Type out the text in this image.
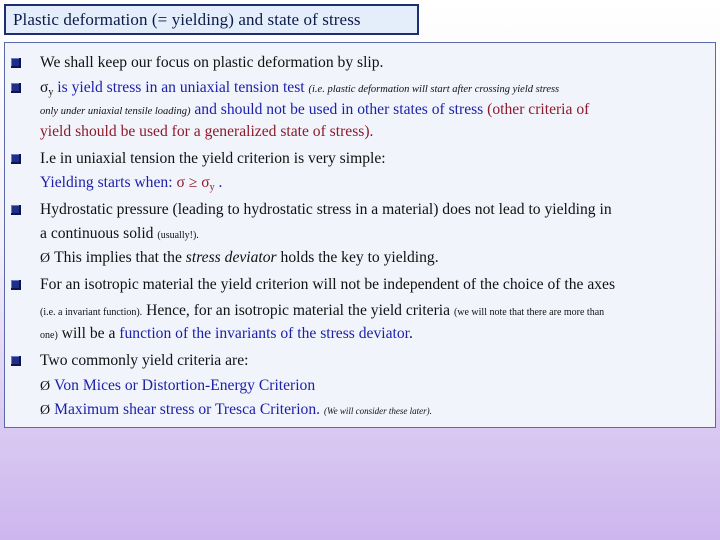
Plastic deformation (= yielding) and state of stress
We shall keep our focus on plastic deformation by slip.
$\sigma_y$ is yield stress in an uniaxial tension test (i.e. plastic deformation will start after crossing yield stress
only under uniaxial tensile loading) and should not be used in other states of stress (other criteria of
yield should be used for a generalized state of stress).
I.e in uniaxial tension the yield criterion is very simple:
Yielding starts when: $\sigma \ge \sigma_y$ .
Hydrostatic pressure (leading to hydrostatic stress in a material) does not lead to yielding in
a continuous solid (usually!).
Ø This implies that the stress deviator holds the key to yielding.
For an isotropic material the yield criterion will not be independent of the choice of the axes
(i.e. a invariant function). Hence, for an isotropic material the yield criteria (we will note that there are more than
one) will be a function of the invariants of the stress deviator.
Two commonly yield criteria are:
Ø Von Mices or Distortion-Energy Criterion
Ø Maximum shear stress or Tresca Criterion. (We will consider these later).
